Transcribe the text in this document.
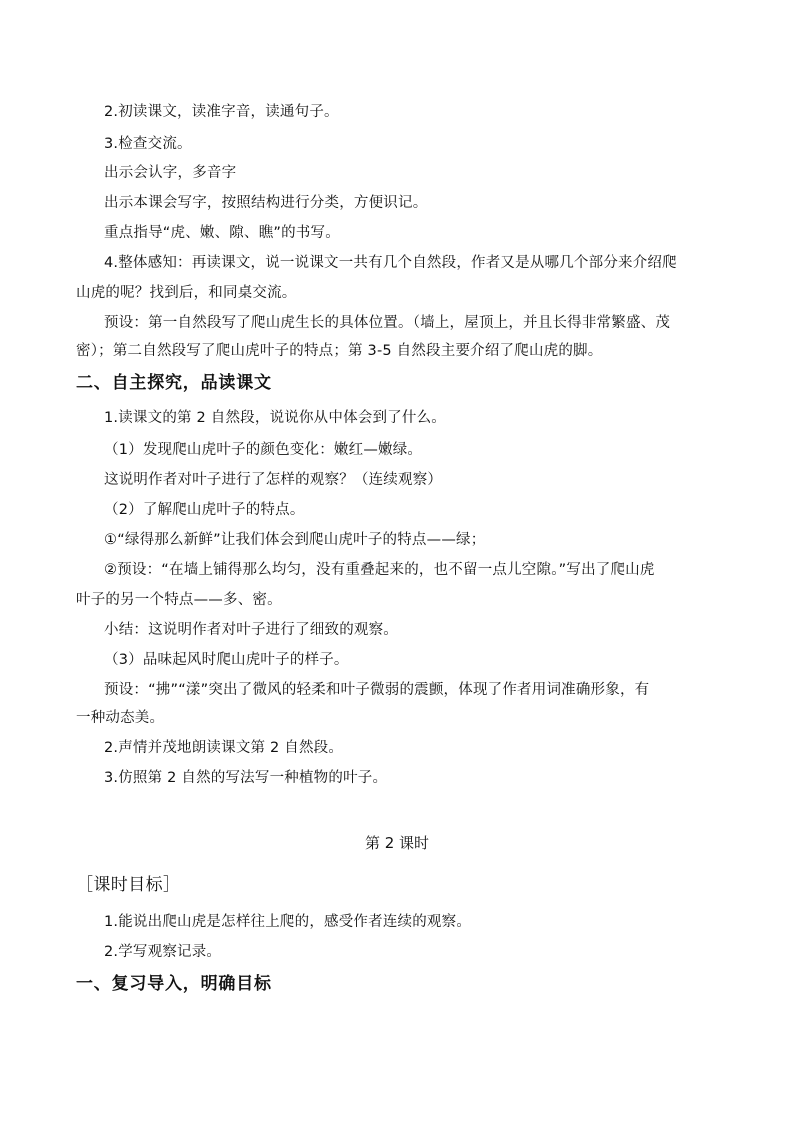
2.初读课文，读准字音，读通句子。
3.检查交流。
出示会认字，多音字
出示本课会写字，按照结构进行分类，方便识记。
重点指导“虎、嫩、隙、瞧”的书写。
4.整体感知：再读课文，说一说课文一共有几个自然段，作者又是从哪几个部分来介绍爬
山虎的呢？找到后，和同桌交流。
预设：第一自然段写了爬山虎生长的具体位置。（墙上，屋顶上，并且长得非常繁盛、茂
密）；第二自然段写了爬山虎叶子的特点；第 3-5 自然段主要介绍了爬山虎的脚。
二、自主探究，品读课文
1.读课文的第 2 自然段，说说你从中体会到了什么。
（1）发现爬山虎叶子的颜色变化：嫩红—嫩绿。
这说明作者对叶子进行了怎样的观察？（连续观察）
（2）了解爬山虎叶子的特点。
①“绿得那么新鲜”让我们体会到爬山虎叶子的特点——绿；
②预设：“在墙上铺得那么均匀，没有重叠起来的，也不留一点儿空隙。”写出了爬山虎
叶子的另一个特点——多、密。
小结：这说明作者对叶子进行了细致的观察。
（3）品味起风时爬山虎叶子的样子。
预设：“拂”“漾”突出了微风的轻柔和叶子微弱的震颤，体现了作者用词准确形象，有
一种动态美。
2.声情并茂地朗读课文第 2 自然段。
3.仿照第 2 自然的写法写一种植物的叶子。
第 2 课时
［课时目标］
1.能说出爬山虎是怎样往上爬的，感受作者连续的观察。
2.学写观察记录。
一、复习导入，明确目标
